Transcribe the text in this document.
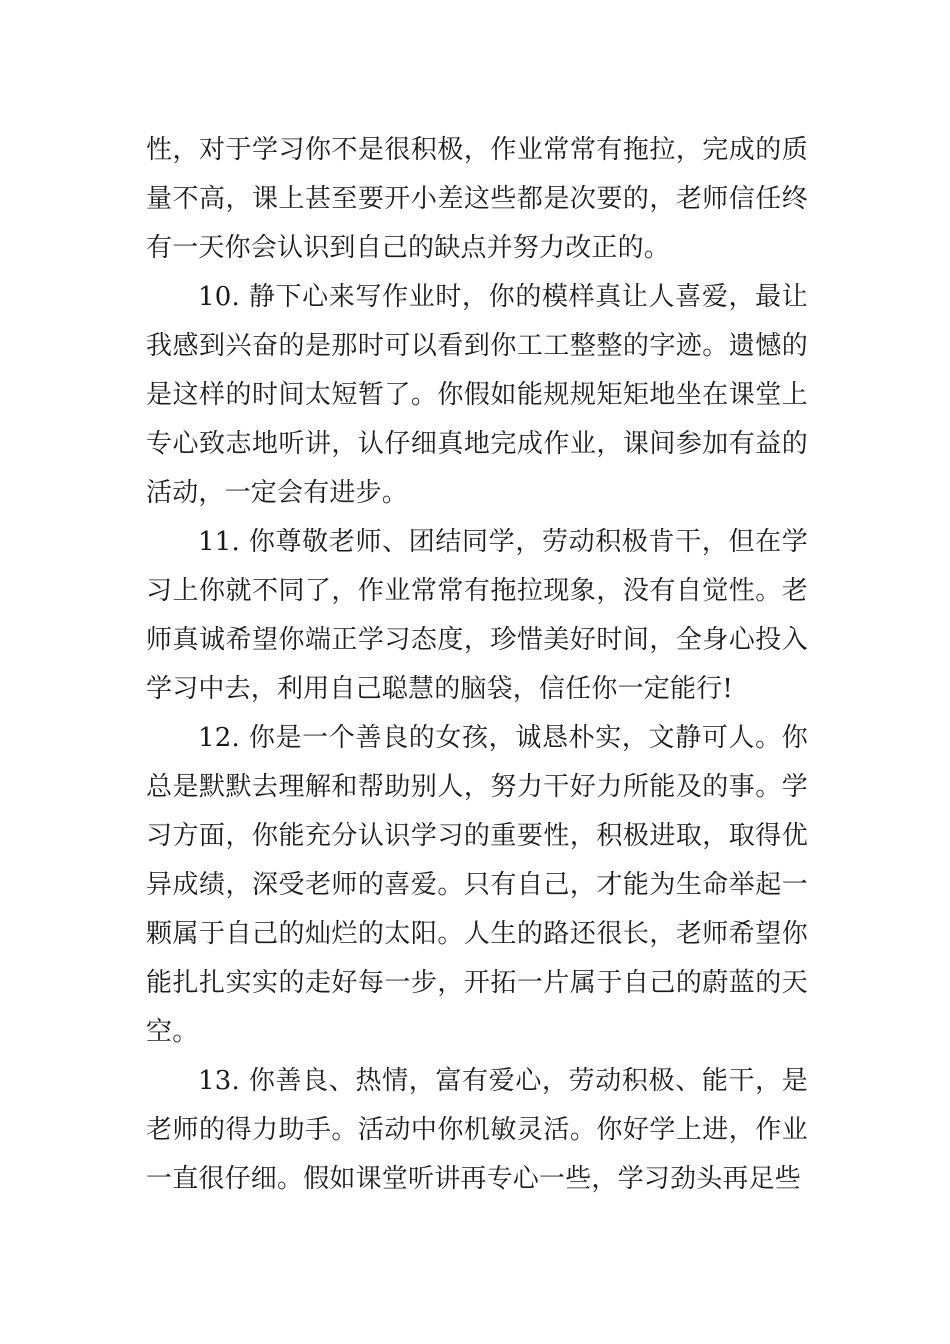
性，对于学习你不是很积极，作业常常有拖拉，完成的质量不高，课上甚至要开小差这些都是次要的，老师信任终有一天你会认识到自己的缺点并努力改正的。

10. 静下心来写作业时，你的模样真让人喜爱，最让我感到兴奋的是那时可以看到你工工整整的字迹。遗憾的是这样的时间太短暂了。你假如能规规矩矩地坐在课堂上专心致志地听讲，认仔细真地完成作业，课间参加有益的活动，一定会有进步。

11. 你尊敬老师、团结同学，劳动积极肯干，但在学习上你就不同了，作业常常有拖拉现象，没有自觉性。老师真诚希望你端正学习态度，珍惜美好时间，全身心投入学习中去，利用自己聪慧的脑袋，信任你一定能行!

12. 你是一个善良的女孩，诚恳朴实，文静可人。你总是默默去理解和帮助别人，努力干好力所能及的事。学习方面，你能充分认识学习的重要性，积极进取，取得优异成绩，深受老师的喜爱。只有自己，才能为生命举起一颗属于自己的灿烂的太阳。人生的路还很长，老师希望你能扎扎实实的走好每一步，开拓一片属于自己的蔚蓝的天空。

13. 你善良、热情，富有爱心，劳动积极、能干，是老师的得力助手。活动中你机敏灵活。你好学上进，作业一直很仔细。假如课堂听讲再专心一些，学习劲头再足些
